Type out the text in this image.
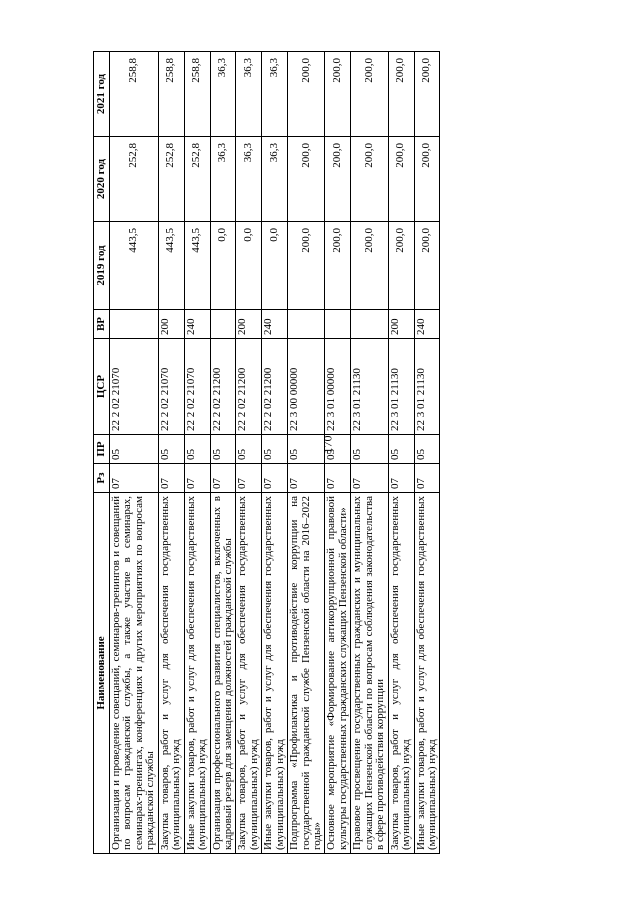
170
Наименование	Рз	ПР	ЦСР	ВР	2019 год	2020 год	2021 год
Организация и проведение совещаний, семинаров-тренингов и совещаний по вопросам гражданской службы, а также участие в семинарах, семинарах-тренингах, конференциях и других мероприятиях по вопросам гражданской службы	07	05	22 2 02 21070		443,5	252,8	258,8
Закупка товаров, работ и услуг для обеспечения государственных (муниципальных) нужд	07	05	22 2 02 21070	200	443,5	252,8	258,8
Иные закупки товаров, работ и услуг для обеспечения государственных (муниципальных) нужд	07	05	22 2 02 21070	240	443,5	252,8	258,8
Организация профессионального развития специалистов, включенных в кадровый резерв для замещения должностей гражданской службы	07	05	22 2 02 21200		0,0	36,3	36,3
Закупка товаров, работ и услуг для обеспечения государственных (муниципальных) нужд	07	05	22 2 02 21200	200	0,0	36,3	36,3
Иные закупки товаров, работ и услуг для обеспечения государственных (муниципальных) нужд	07	05	22 2 02 21200	240	0,0	36,3	36,3
Подпрограмма «Профилактика и противодействие коррупции на государственной гражданской службе Пензенской области на 2016–2022 годы»	07	05	22 3 00 00000		200,0	200,0	200,0
Основное мероприятие «Формирование антикоррупционной правовой культуры государственных гражданских служащих Пензенской области»	07	05	22 3 01 00000		200,0	200,0	200,0
Правовое просвещение государственных гражданских и муниципальных служащих Пензенской области по вопросам соблюдения законодательства в сфере противодействия коррупции	07	05	22 3 01 21130		200,0	200,0	200,0
Закупка товаров, работ и услуг для обеспечения государственных (муниципальных) нужд	07	05	22 3 01 21130	200	200,0	200,0	200,0
Иные закупки товаров, работ и услуг для обеспечения государственных (муниципальных) нужд	07	05	22 3 01 21130	240	200,0	200,0	200,0
